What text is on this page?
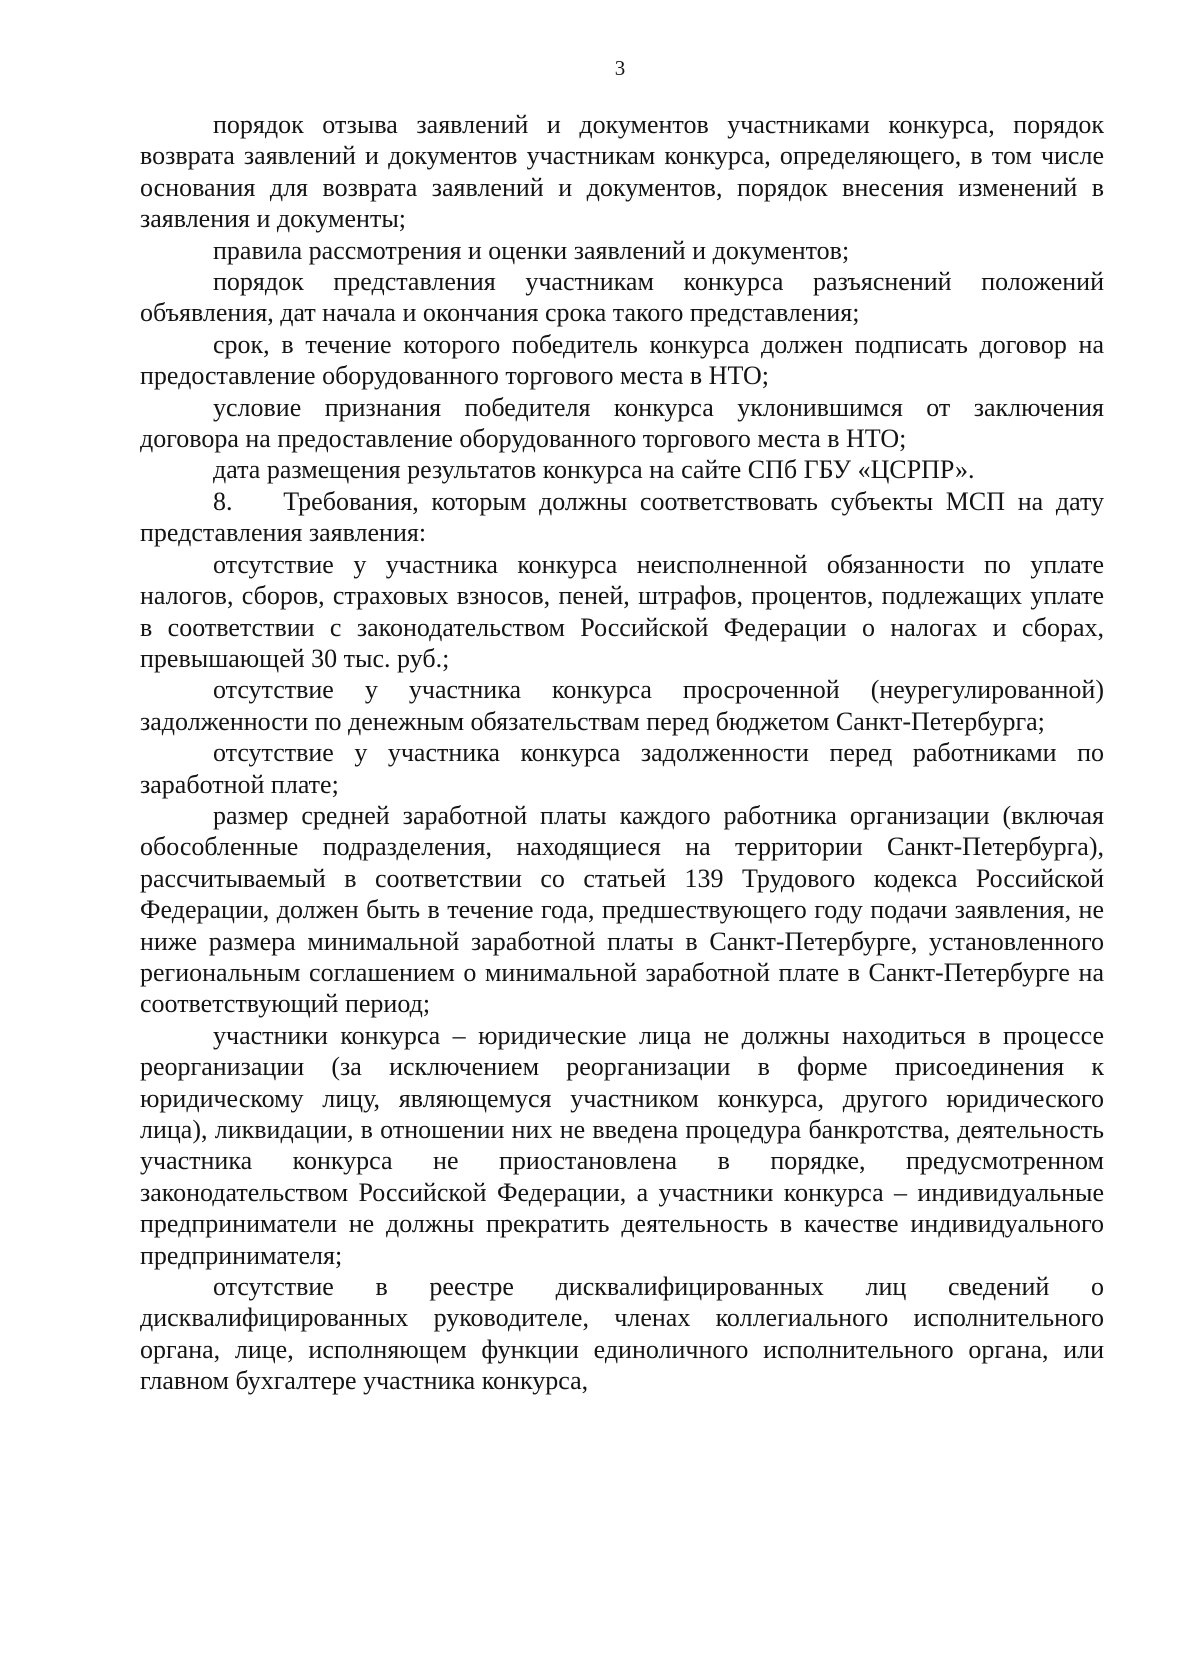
3

порядок отзыва заявлений и документов участниками конкурса, порядок возврата заявлений и документов участникам конкурса, определяющего, в том числе основания для возврата заявлений и документов, порядок внесения изменений в заявления и документы;

правила рассмотрения и оценки заявлений и документов;

порядок представления участникам конкурса разъяснений положений объявления, дат начала и окончания срока такого представления;

срок, в течение которого победитель конкурса должен подписать договор на предоставление оборудованного торгового места в НТО;

условие признания победителя конкурса уклонившимся от заключения договора на предоставление оборудованного торгового места в НТО;

дата размещения результатов конкурса на сайте СПб ГБУ «ЦСРПР».

8.    Требования, которым должны соответствовать субъекты МСП на дату представления заявления:

отсутствие у участника конкурса неисполненной обязанности по уплате налогов, сборов, страховых взносов, пеней, штрафов, процентов, подлежащих уплате в соответствии с законодательством Российской Федерации о налогах и сборах, превышающей 30 тыс. руб.;

отсутствие у участника конкурса просроченной (неурегулированной) задолженности по денежным обязательствам перед бюджетом Санкт-Петербурга;

отсутствие у участника конкурса задолженности перед работниками по заработной плате;

размер средней заработной платы каждого работника организации (включая обособленные подразделения, находящиеся на территории Санкт-Петербурга), рассчитываемый в соответствии со статьей 139 Трудового кодекса Российской Федерации, должен быть в течение года, предшествующего году подачи заявления, не ниже размера минимальной заработной платы в Санкт-Петербурге, установленного региональным соглашением о минимальной заработной плате в Санкт-Петербурге на соответствующий период;

участники конкурса – юридические лица не должны находиться в процессе реорганизации (за исключением реорганизации в форме присоединения к юридическому лицу, являющемуся участником конкурса, другого юридического лица), ликвидации, в отношении них не введена процедура банкротства, деятельность участника конкурса не приостановлена в порядке, предусмотренном законодательством Российской Федерации, а участники конкурса – индивидуальные предприниматели не должны прекратить деятельность в качестве индивидуального предпринимателя;

отсутствие в реестре дисквалифицированных лиц сведений о дисквалифицированных руководителе, членах коллегиального исполнительного органа, лице, исполняющем функции единоличного исполнительного органа, или главном бухгалтере участника конкурса,
